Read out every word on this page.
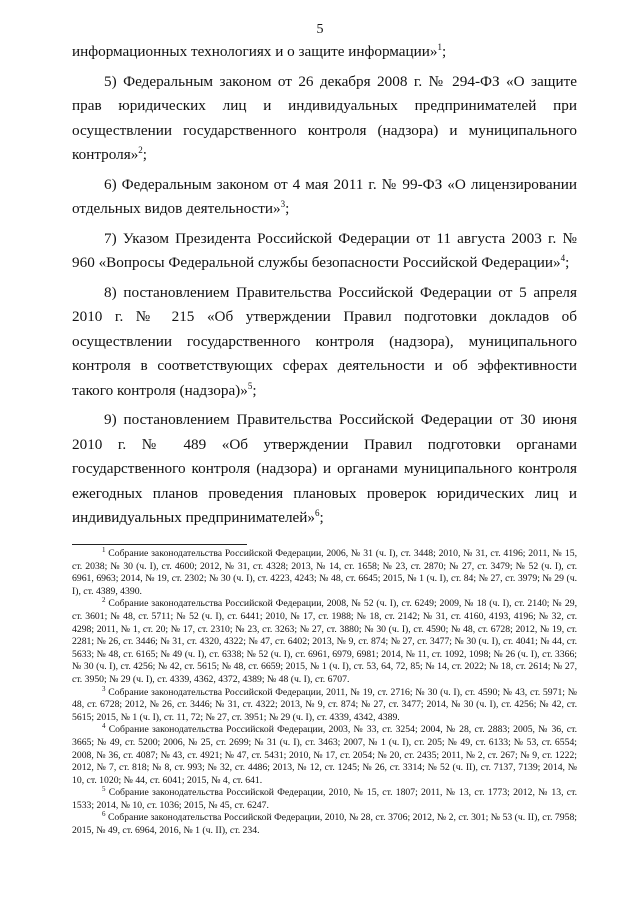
5

информационных технологиях и о защите информации»$^1$;

5) Федеральным законом от 26 декабря 2008 г. № 294-ФЗ «О защите прав юридических лиц и индивидуальных предпринимателей при осуществлении государственного контроля (надзора) и муниципального контроля»$^2$;

6) Федеральным законом от 4 мая 2011 г. № 99-ФЗ «О лицензировании отдельных видов деятельности»$^3$;

7) Указом Президента Российской Федерации от 11 августа 2003 г. № 960 «Вопросы Федеральной службы безопасности Российской Федерации»$^4$;

8) постановлением Правительства Российской Федерации от 5 апреля 2010 г. № 215 «Об утверждении Правил подготовки докладов об осуществлении государственного контроля (надзора), муниципального контроля в соответствующих сферах деятельности и об эффективности такого контроля (надзора)»$^5$;

9) постановлением Правительства Российской Федерации от 30 июня 2010 г. № 489 «Об утверждении Правил подготовки органами государственного контроля (надзора) и органами муниципального контроля ежегодных планов проведения плановых проверок юридических лиц и индивидуальных предпринимателей»$^6$;

$^1$ Собрание законодательства Российской Федерации, 2006, № 31 (ч. I), ст. 3448; 2010, № 31, ст. 4196; 2011, № 15, ст. 2038; № 30 (ч. I), ст. 4600; 2012, № 31, ст. 4328; 2013, № 14, ст. 1658; № 23, ст. 2870; № 27, ст. 3479; № 52 (ч. I), ст. 6961, 6963; 2014, № 19, ст. 2302; № 30 (ч. I), ст. 4223, 4243; № 48, ст. 6645; 2015, № 1 (ч. I), ст. 84; № 27, ст. 3979; № 29 (ч. I), ст. 4389, 4390.

$^2$ Собрание законодательства Российской Федерации, 2008, № 52 (ч. I), ст. 6249; 2009, № 18 (ч. I), ст. 2140; № 29, ст. 3601; № 48, ст. 5711; № 52 (ч. I), ст. 6441; 2010, № 17, ст. 1988; № 18, ст. 2142; № 31, ст. 4160, 4193, 4196; № 32, ст. 4298; 2011, № 1, ст. 20; № 17, ст. 2310; № 23, ст. 3263; № 27, ст. 3880; № 30 (ч. I), ст. 4590; № 48, ст. 6728; 2012, № 19, ст. 2281; № 26, ст. 3446; № 31, ст. 4320, 4322; № 47, ст. 6402; 2013, № 9, ст. 874; № 27, ст. 3477; № 30 (ч. I), ст. 4041; № 44, ст. 5633; № 48, ст. 6165; № 49 (ч. I), ст. 6338; № 52 (ч. I), ст. 6961, 6979, 6981; 2014, № 11, ст. 1092, 1098; № 26 (ч. I), ст. 3366; № 30 (ч. I), ст. 4256; № 42, ст. 5615; № 48, ст. 6659; 2015, № 1 (ч. I), ст. 53, 64, 72, 85; № 14, ст. 2022; № 18, ст. 2614; № 27, ст. 3950; № 29 (ч. I), ст. 4339, 4362, 4372, 4389; № 48 (ч. I), ст. 6707.

$^3$ Собрание законодательства Российской Федерации, 2011, № 19, ст. 2716; № 30 (ч. I), ст. 4590; № 43, ст. 5971; № 48, ст. 6728; 2012, № 26, ст. 3446; № 31, ст. 4322; 2013, № 9, ст. 874; № 27, ст. 3477; 2014, № 30 (ч. I), ст. 4256; № 42, ст. 5615; 2015, № 1 (ч. I), ст. 11, 72; № 27, ст. 3951; № 29 (ч. I), ст. 4339, 4342, 4389.

$^4$ Собрание законодательства Российской Федерации, 2003, № 33, ст. 3254; 2004, № 28, ст. 2883; 2005, № 36, ст. 3665; № 49, ст. 5200; 2006, № 25, ст. 2699; № 31 (ч. I), ст. 3463; 2007, № 1 (ч. I), ст. 205; № 49, ст. 6133; № 53, ст. 6554; 2008, № 36, ст. 4087; № 43, ст. 4921; № 47, ст. 5431; 2010, № 17, ст. 2054; № 20, ст. 2435; 2011, № 2, ст. 267; № 9, ст. 1222; 2012, № 7, ст. 818; № 8, ст. 993; № 32, ст. 4486; 2013, № 12, ст. 1245; № 26, ст. 3314; № 52 (ч. II), ст. 7137, 7139; 2014, № 10, ст. 1020; № 44, ст. 6041; 2015, № 4, ст. 641.

$^5$ Собрание законодательства Российской Федерации, 2010, № 15, ст. 1807; 2011, № 13, ст. 1773; 2012, № 13, ст. 1533; 2014, № 10, ст. 1036; 2015, № 45, ст. 6247.

$^6$ Собрание законодательства Российской Федерации, 2010, № 28, ст. 3706; 2012, № 2, ст. 301; № 53 (ч. II), ст. 7958; 2015, № 49, ст. 6964, 2016, № 1 (ч. II), ст. 234.
